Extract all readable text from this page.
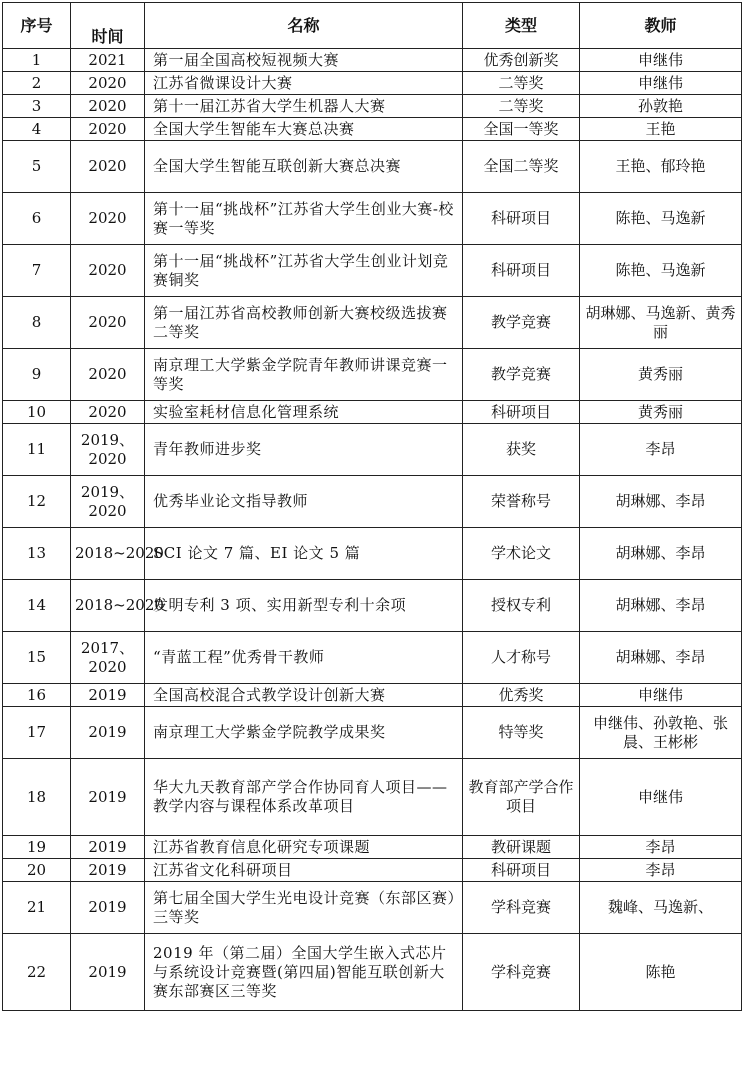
序号	时间	名称	类型	教师
1	2021	第一届全国高校短视频大赛	优秀创新奖	申继伟
2	2020	江苏省微课设计大赛	二等奖	申继伟
3	2020	第十一届江苏省大学生机器人大赛	二等奖	孙敦艳
4	2020	全国大学生智能车大赛总决赛	全国一等奖	王艳
5	2020	全国大学生智能互联创新大赛总决赛	全国二等奖	王艳、郁玲艳
6	2020	第十一届“挑战杯”江苏省大学生创业大赛-校赛一等奖	科研项目	陈艳、马逸新
7	2020	第十一届“挑战杯”江苏省大学生创业计划竞赛铜奖	科研项目	陈艳、马逸新
8	2020	第一届江苏省高校教师创新大赛校级选拔赛二等奖	教学竞赛	胡琳娜、马逸新、黄秀丽
9	2020	南京理工大学紫金学院青年教师讲课竞赛一等奖	教学竞赛	黄秀丽
10	2020	实验室耗材信息化管理系统	科研项目	黄秀丽
11	2019、2020	青年教师进步奖	获奖	李昂
12	2019、2020	优秀毕业论文指导教师	荣誉称号	胡琳娜、李昂
13	2018~2020	SCI 论文 7 篇、EI 论文 5 篇	学术论文	胡琳娜、李昂
14	2018~2020	发明专利 3 项、实用新型专利十余项	授权专利	胡琳娜、李昂
15	2017、2020	“青蓝工程”优秀骨干教师	人才称号	胡琳娜、李昂
16	2019	全国高校混合式教学设计创新大赛	优秀奖	申继伟
17	2019	南京理工大学紫金学院教学成果奖	特等奖	申继伟、孙敦艳、张晨、王彬彬
18	2019	华大九天教育部产学合作协同育人项目——教学内容与课程体系改革项目	教育部产学合作项目	申继伟
19	2019	江苏省教育信息化研究专项课题	教研课题	李昂
20	2019	江苏省文化科研项目	科研项目	李昂
21	2019	第七届全国大学生光电设计竞赛（东部区赛）三等奖	学科竞赛	魏峰、马逸新、
22	2019	2019 年（第二届）全国大学生嵌入式芯片与系统设计竞赛暨(第四届)智能互联创新大赛东部赛区三等奖	学科竞赛	陈艳
